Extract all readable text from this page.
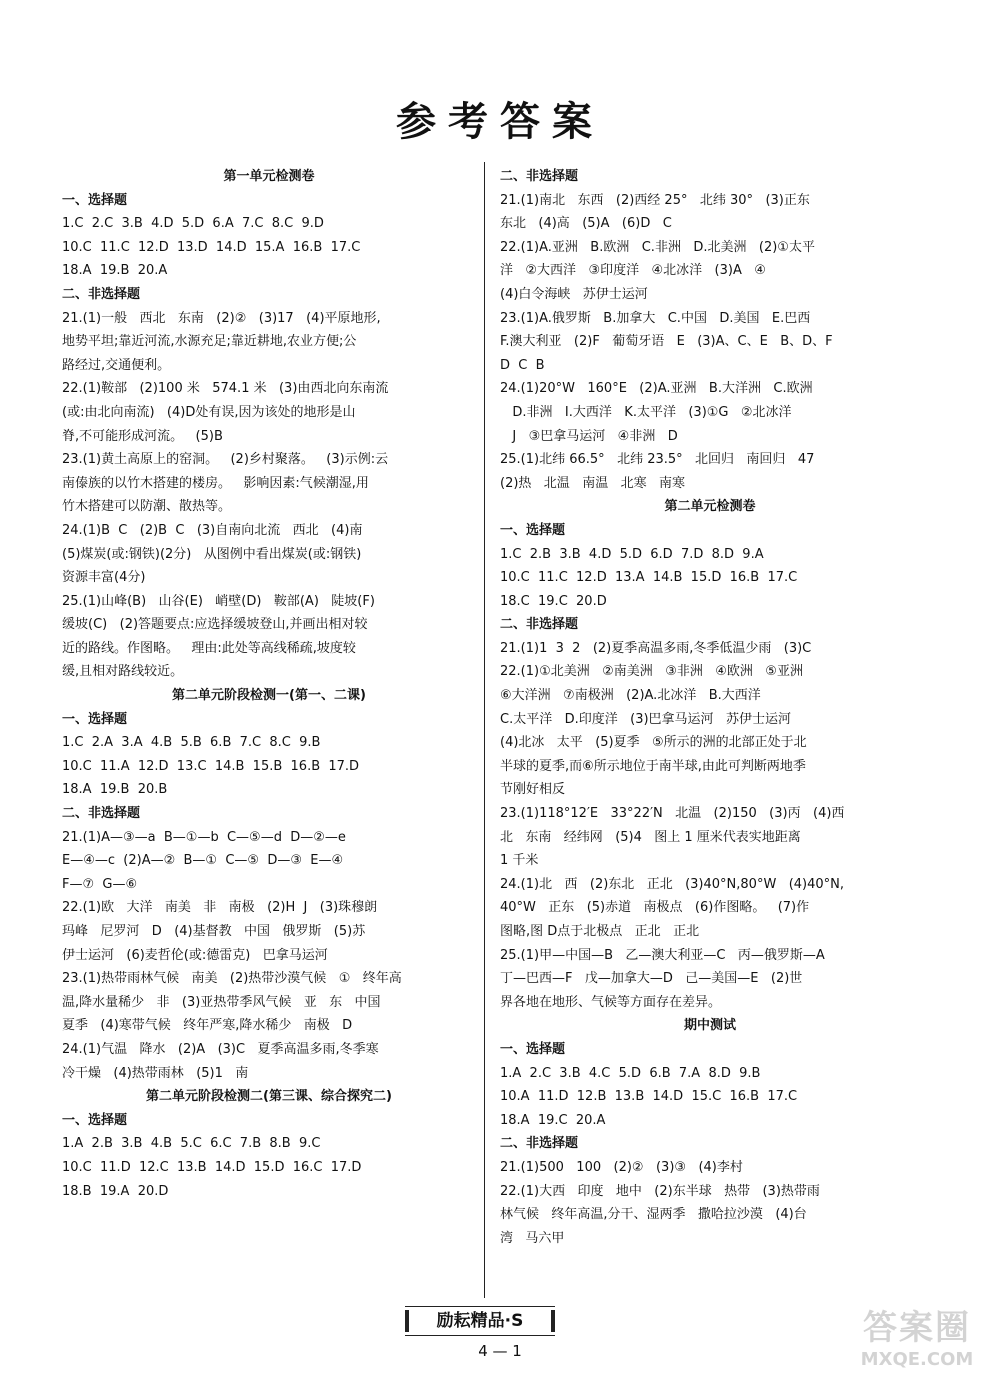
参考答案
第一单元检测卷
一、选择题
1.C  2.C  3.B  4.D  5.D  6.A  7.C  8.C  9.D
10.C  11.C  12.D  13.D  14.D  15.A  16.B  17.C
18.A  19.B  20.A
二、非选择题
21.(1)一般   西北   东南   (2)②   (3)17   (4)平原地形,
地势平坦;靠近河流,水源充足;靠近耕地,农业方便;公
路经过,交通便利。
22.(1)鞍部   (2)100 米   574.1 米   (3)由西北向东南流
(或:由北向南流)   (4)D处有误,因为该处的地形是山
脊,不可能形成河流。   (5)B
23.(1)黄土高原上的窑洞。   (2)乡村聚落。   (3)示例:云
南傣族的以竹木搭建的楼房。   影响因素:气候潮湿,用
竹木搭建可以防潮、散热等。
24.(1)B  C   (2)B  C   (3)自南向北流   西北   (4)南
(5)煤炭(或:钢铁)(2分)   从图例中看出煤炭(或:钢铁)
资源丰富(4分)
25.(1)山峰(B)   山谷(E)   峭壁(D)   鞍部(A)   陡坡(F)
缓坡(C)   (2)答题要点:应选择缓坡登山,并画出相对较
近的路线。作图略。   理由:此处等高线稀疏,坡度较
缓,且相对路线较近。
第二单元阶段检测一(第一、二课)
一、选择题
1.C  2.A  3.A  4.B  5.B  6.B  7.C  8.C  9.B
10.C  11.A  12.D  13.C  14.B  15.B  16.B  17.D
18.A  19.B  20.B
二、非选择题
21.(1)A—③—a  B—①—b  C—⑤—d  D—②—e
E—④—c  (2)A—②  B—①  C—⑤  D—③  E—④
F—⑦  G—⑥
22.(1)欧   大洋   南美   非   南极   (2)H  J   (3)珠穆朗
玛峰   尼罗河   D   (4)基督教   中国   俄罗斯   (5)苏
伊士运河   (6)麦哲伦(或:德雷克)   巴拿马运河
23.(1)热带雨林气候   南美   (2)热带沙漠气候   ①   终年高
温,降水量稀少   非   (3)亚热带季风气候   亚   东   中国
夏季   (4)寒带气候   终年严寒,降水稀少   南极   D
24.(1)气温   降水   (2)A   (3)C   夏季高温多雨,冬季寒
冷干燥   (4)热带雨林   (5)1   南
第二单元阶段检测二(第三课、综合探究二)
一、选择题
1.A  2.B  3.B  4.B  5.C  6.C  7.B  8.B  9.C
10.C  11.D  12.C  13.B  14.D  15.D  16.C  17.D
18.B  19.A  20.D
二、非选择题
21.(1)南北   东西   (2)西经 25°   北纬 30°   (3)正东
东北   (4)高   (5)A   (6)D   C
22.(1)A.亚洲   B.欧洲   C.非洲   D.北美洲   (2)①太平
洋   ②大西洋   ③印度洋   ④北冰洋   (3)A   ④
(4)白令海峡   苏伊士运河
23.(1)A.俄罗斯   B.加拿大   C.中国   D.美国   E.巴西
F.澳大利亚   (2)F   葡萄牙语   E   (3)A、C、E   B、D、F
D  C  B
24.(1)20°W   160°E   (2)A.亚洲   B.大洋洲   C.欧洲
D.非洲   I.大西洋   K.太平洋   (3)①G   ②北冰洋
J   ③巴拿马运河   ④非洲   D
25.(1)北纬 66.5°   北纬 23.5°   北回归   南回归   47
(2)热   北温   南温   北寒   南寒
第二单元检测卷
一、选择题
1.C  2.B  3.B  4.D  5.D  6.D  7.D  8.D  9.A
10.C  11.C  12.D  13.A  14.B  15.D  16.B  17.C
18.C  19.C  20.D
二、非选择题
21.(1)1  3  2   (2)夏季高温多雨,冬季低温少雨   (3)C
22.(1)①北美洲   ②南美洲   ③非洲   ④欧洲   ⑤亚洲
⑥大洋洲   ⑦南极洲   (2)A.北冰洋   B.大西洋
C.太平洋   D.印度洋   (3)巴拿马运河   苏伊士运河
(4)北冰   太平   (5)夏季   ⑤所示的洲的北部正处于北
半球的夏季,而⑥所示地位于南半球,由此可判断两地季
节刚好相反
23.(1)118°12′E   33°22′N   北温   (2)150   (3)丙   (4)西
北   东南   经纬网   (5)4   图上 1 厘米代表实地距离
1 千米
24.(1)北   西   (2)东北   正北   (3)40°N,80°W   (4)40°N,
40°W   正东   (5)赤道   南极点   (6)作图略。   (7)作
图略,图 D点于北极点   正北   正北
25.(1)甲—中国—B   乙—澳大利亚—C   丙—俄罗斯—A
丁—巴西—F   戊—加拿大—D   己—美国—E   (2)世
界各地在地形、气候等方面存在差异。
期中测试
一、选择题
1.A  2.C  3.B  4.C  5.D  6.B  7.A  8.D  9.B
10.A  11.D  12.B  13.B  14.D  15.C  16.B  17.C
18.A  19.C  20.A
二、非选择题
21.(1)500   100   (2)②   (3)③   (4)李村
22.(1)大西   印度   地中   (2)东半球   热带   (3)热带雨
林气候   终年高温,分干、湿两季   撒哈拉沙漠   (4)台
湾   马六甲
励耘精品·S
4 — 1
答案圈
MXQE.COM
